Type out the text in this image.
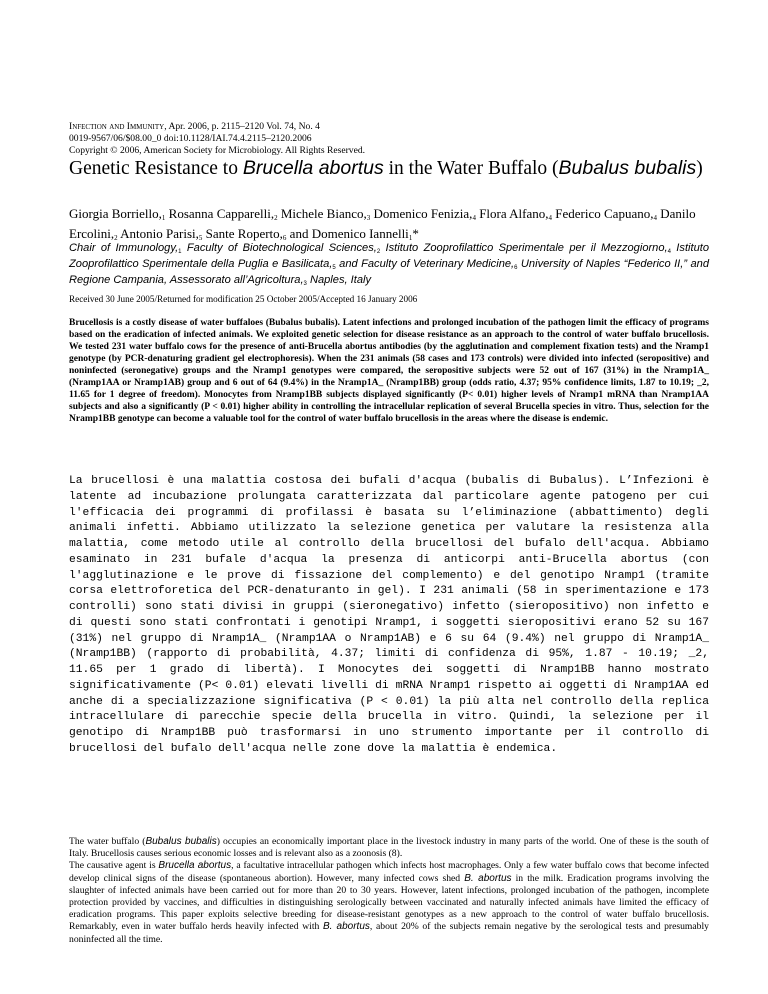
Infection and Immunity, Apr. 2006, p. 2115–2120 Vol. 74, No. 4
0019-9567/06/$08.00_0 doi:10.1128/IAI.74.4.2115–2120.2006
Copyright © 2006, American Society for Microbiology. All Rights Reserved.
Genetic Resistance to Brucella abortus in the Water Buffalo (Bubalus bubalis)
Giorgia $Borriello,_1$ Rosanna $Capparelli,_2$ Michele $Bianco,_3$ Domenico $Fenizia,_4$ Flora $Alfano,_4$ Federico $Capuano,_4$ Danilo $Ercolini,_2$ Antonio $Parisi,_5$ Sante $Roperto,_6$ and Domenico Iannelli$_1$*
Chair of $Immunology,_1$ Faculty of Biotechnological $Sciences,_2$ Istituto Zooprofilattico Sperimentale per il $Mezzogiorno,_4$ Istituto Zooprofilattico Sperimentale della Puglia e $Basilicata,_5$ and Faculty of Veterinary $Medicine,_6$ University of Naples “Federico II,” and Regione Campania, Assessorato $all’Agricoltura,_3$ Naples, Italy
Received 30 June 2005/Returned for modification 25 October 2005/Accepted 16 January 2006
Brucellosis is a costly disease of water buffaloes (Bubalus bubalis). Latent infections and prolonged incubation of the pathogen limit the efficacy of programs based on the eradication of infected animals. We exploited genetic selection for disease resistance as an approach to the control of water buffalo brucellosis. We tested 231 water buffalo cows for the presence of anti-Brucella abortus antibodies (by the agglutination and complement fixation tests) and the Nramp1 genotype (by PCR-denaturing gradient gel electrophoresis). When the 231 animals (58 cases and 173 controls) were divided into infected (seropositive) and noninfected (seronegative) groups and the Nramp1 genotypes were compared, the seropositive subjects were 52 out of 167 (31%) in the Nramp1A_ (Nramp1AA or Nramp1AB) group and 6 out of 64 (9.4%) in the Nramp1A_ (Nramp1BB) group (odds ratio, 4.37; 95% confidence limits, 1.87 to 10.19; _2, 11.65 for 1 degree of freedom). Monocytes from Nramp1BB subjects displayed significantly (P< 0.01) higher levels of Nramp1 mRNA than Nramp1AA subjects and also a significantly (P < 0.01) higher ability in controlling the intracellular replication of several Brucella species in vitro. Thus, selection for the Nramp1BB genotype can become a valuable tool for the control of water buffalo brucellosis in the areas where the disease is endemic.
La brucellosi è una malattia costosa dei bufali d'acqua (bubalis di Bubalus). L’Infezioni è latente ad incubazione prolungata caratterizzata dal particolare agente patogeno per cui l'efficacia dei programmi di profilassi è basata su l’eliminazione (abbattimento) degli animali infetti. Abbiamo utilizzato la selezione genetica per valutare la resistenza alla malattia, come metodo utile al controllo della brucellosi del bufalo dell'acqua. Abbiamo esaminato in 231 bufale d'acqua la presenza di anticorpi anti-Brucella abortus (con l'agglutinazione e le prove di fissazione del complemento) e del genotipo Nramp1 (tramite corsa elettroforetica del PCR-denaturanto in gel). I 231 animali (58 in sperimentazione e 173 controlli) sono stati divisi in gruppi (sieronegativo) infetto (sieropositivo) non infetto e di questi sono stati confrontati i genotipi Nramp1, i soggetti sieropositivi erano 52 su 167 (31%) nel gruppo di Nramp1A_ (Nramp1AA o Nramp1AB) e 6 su 64 (9.4%) nel gruppo di Nramp1A_ (Nramp1BB) (rapporto di probabilità, 4.37; limiti di confidenza di 95%, 1.87 - 10.19; _2, 11.65 per 1 grado di libertà). I Monocytes dei soggetti di Nramp1BB hanno mostrato significativamente (P< 0.01) elevati livelli di mRNA Nramp1 rispetto ai oggetti di Nramp1AA ed anche di a specializzazione significativa (P < 0.01) la più alta nel controllo della replica intracellulare di parecchie specie della brucella in vitro. Quindi, la selezione per il genotipo di Nramp1BB può trasformarsi in uno strumento importante per il controllo di brucellosi del bufalo dell'acqua nelle zone dove la malattia è endemica.

The water buffalo (Bubalus bubalis) occupies an economically important place in the livestock industry in many parts of the world. One of these is the south of Italy. Brucellosis causes serious economic losses and is relevant also as a zoonosis (8).

The causative agent is Brucella abortus, a facultative intracellular pathogen which infects host macrophages. Only a few water buffalo cows that become infected develop clinical signs of the disease (spontaneous abortion). However, many infected cows shed B. abortus in the milk. Eradication programs involving the slaughter of infected animals have been carried out for more than 20 to 30 years. However, latent infections, prolonged incubation of the pathogen, incomplete protection provided by vaccines, and difficulties in distinguishing serologically between vaccinated and naturally infected animals have limited the efficacy of eradication programs. This paper exploits selective breeding for disease-resistant genotypes as a new approach to the control of water buffalo brucellosis. Remarkably, even in water buffalo herds heavily infected with B. abortus, about 20% of the subjects remain negative by the serological tests and presumably noninfected all the time.
